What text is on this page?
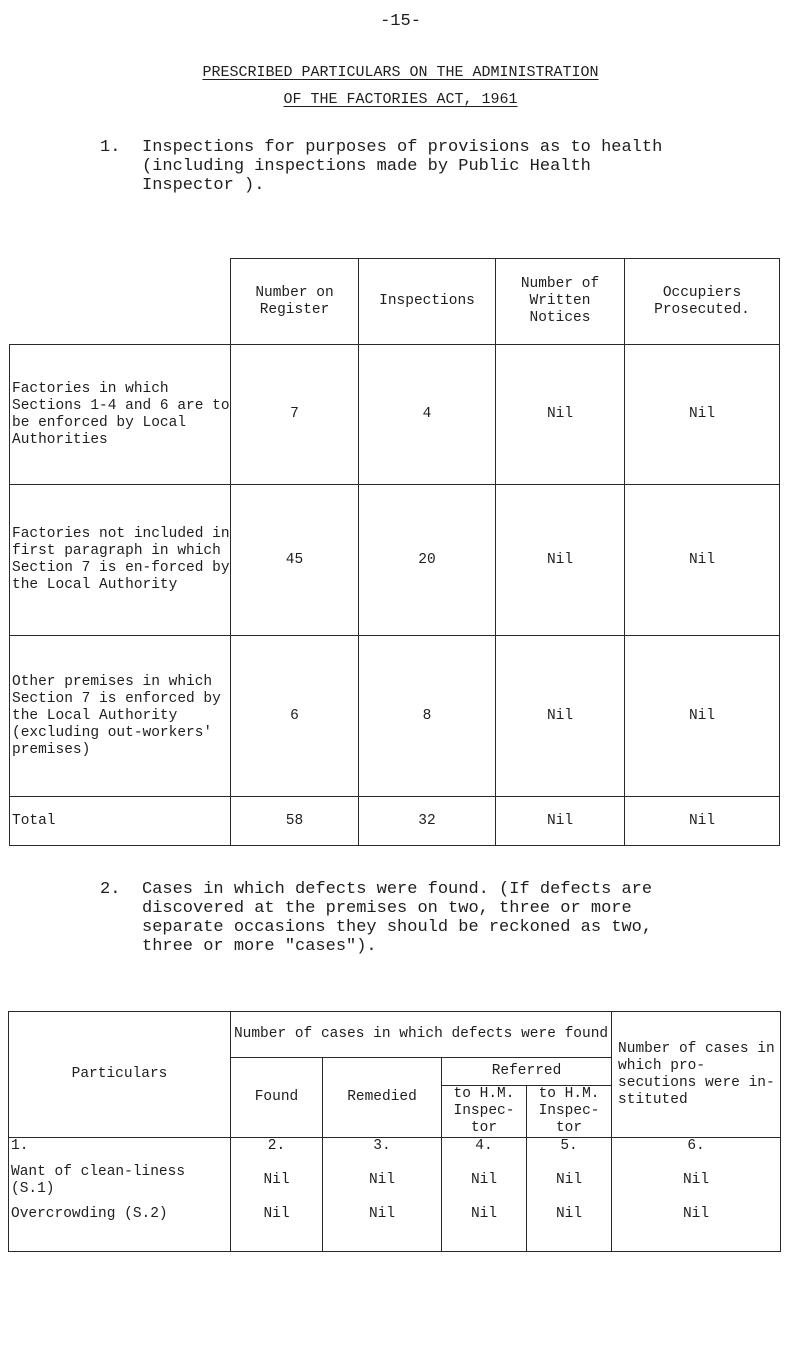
-15-
PRESCRIBED PARTICULARS ON THE ADMINISTRATION
OF THE FACTORIES ACT, 1961
1. Inspections for purposes of provisions as to health
(including inspections made by Public Health
Inspector ).
	Number on Register	Inspections	Number of Written Notices	Occupiers Prosecuted.
Factories in which Sections 1-4 and 6 are to be enforced by Local Authorities	7	4	Nil	Nil
Factories not included in first paragraph in which Section 7 is en-forced by the Local Authority	45	20	Nil	Nil
Other premises in which Section 7 is enforced by the Local Authority (excluding out-workers' premises)	6	8	Nil	Nil
Total	58	32	Nil	Nil
2. Cases in which defects were found. (If defects are
discovered at the premises on two, three or more
separate occasions they should be reckoned as two,
three or more "cases").
Particulars	Number of cases in which defects were found				Number of cases in which pro-secutions were in-stituted
	Found	Remedied	Referred		
			to H.M. Inspec-tor	to H.M. Inspec-tor	
1.	2.	3.	4.	5.	6.
Want of clean-liness (S.1)	Nil	Nil	Nil	Nil	Nil
Overcrowding (S.2)	Nil	Nil	Nil	Nil	Nil
